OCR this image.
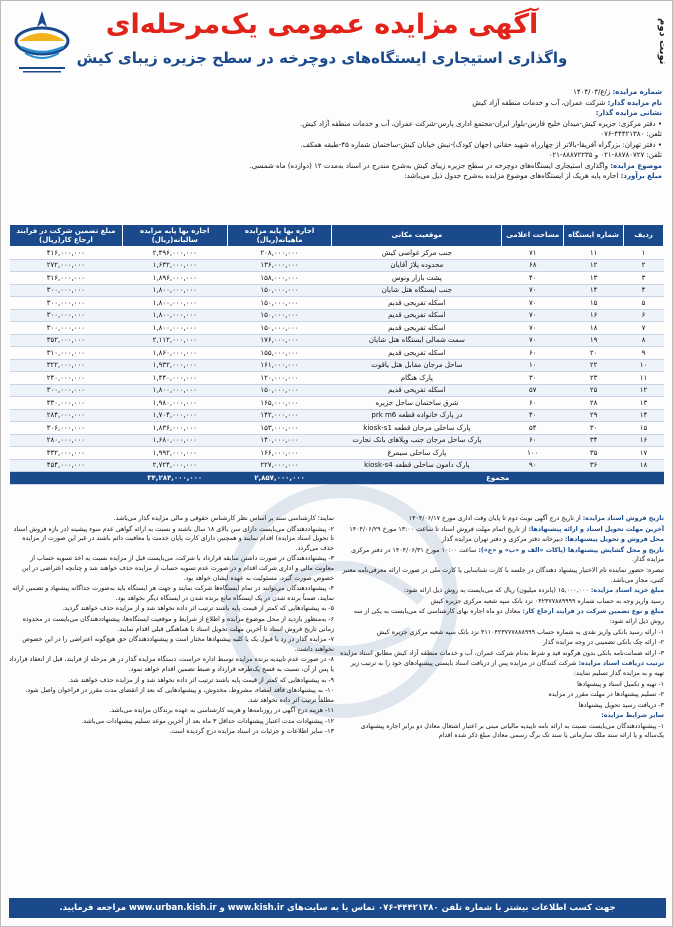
نوبت دوم
آگهی مزایده عمومی یک‌مرحله‌ای
واگذاری استیجاری ایستگاه‌های دوچرخه در سطح جزیره زیبای کیش
شماره مزایده: ز/ع/۱۴۰۴/۰۳
نام مزایده گذار: شرکت عمران، آب و خدمات منطقه آزاد کیش
نشانی مزایده گذار:
• دفتر مرکزی: جزیره کیش-میدان خلیج فارس-بلوار ایران-مجتمع اداری پارس-شرکت عمران، آب و خدمات منطقه آزاد کیش.
تلفن: ۴۴۴۲۱۳۸۰-۰۷۶
• دفتر تهران: بزرگراه آفریقا-بالاتر از چهارراه شهید حقانی (جهان کودک)-نبش خیابان کیش-ساختمان شماره ۴۵-طبقه همکف.
تلفن: ۸۸۷۸۰۷۲۷-۰۲۱ و ۸۸۸۷۲۲۳۵-۰۲۱
موضوع مزایده: واگذاری استیجاری ایستگاه‌های دوچرخه در سطح جزیره زیبای کیش به‌شرح مندرج در اسناد به‌مدت ۱۲ (دوازده) ماه شمسی.
مبلغ برآورد: اجاره پایه هریک از ایستگاه‌های موضوع مزایده به‌شرح جدول ذیل می‌باشد:
ردیف	شماره ایستگاه	مساحت اعلامی	موقعیت مکانی	اجاره بها پایه مزایده ماهیانه(ریال)	اجاره بها پایه مزایده سالیانه(ریال)	مبلغ تضمین شرکت در فرایند ارجاع کار(ریال)
۱	۱۱	۷۱	جنب مرکز غواصی کیش	۲۰۸,۰۰۰,۰۰۰	۲,۴۹۶,۰۰۰,۰۰۰	۴۱۶,۰۰۰,۰۰۰
۲	۱۲	۶۸	محدوده پلاژ آقایان	۱۳۶,۰۰۰,۰۰۰	۱,۶۳۲,۰۰۰,۰۰۰	۲۷۲,۰۰۰,۰۰۰
۳	۱۳	۴۰	پشت بازار ونوس	۱۵۸,۰۰۰,۰۰۰	۱,۸۹۶,۰۰۰,۰۰۰	۳۱۶,۰۰۰,۰۰۰
۴	۱۴	۷۰	جنب ایستگاه هتل شایان	۱۵۰,۰۰۰,۰۰۰	۱,۸۰۰,۰۰۰,۰۰۰	۳۰۰,۰۰۰,۰۰۰
۵	۱۵	۷۰	اسکله تفریحی قدیم	۱۵۰,۰۰۰,۰۰۰	۱,۸۰۰,۰۰۰,۰۰۰	۳۰۰,۰۰۰,۰۰۰
۶	۱۶	۷۰	اسکله تفریحی قدیم	۱۵۰,۰۰۰,۰۰۰	۱,۸۰۰,۰۰۰,۰۰۰	۳۰۰,۰۰۰,۰۰۰
۷	۱۸	۷۰	اسکله تفریحی قدیم	۱۵۰,۰۰۰,۰۰۰	۱,۸۰۰,۰۰۰,۰۰۰	۳۰۰,۰۰۰,۰۰۰
۸	۱۹	۷۰	سمت شمالی ایستگاه هتل شایان	۱۷۶,۰۰۰,۰۰۰	۲,۱۱۲,۰۰۰,۰۰۰	۳۵۲,۰۰۰,۰۰۰
۹	۲۰	۶۰	اسکله تفریحی قدیم	۱۵۵,۰۰۰,۰۰۰	۱,۸۶۰,۰۰۰,۰۰۰	۳۱۰,۰۰۰,۰۰۰
۱۰	۲۲	۱۰	ساحل مرجان مقابل هتل یاقوت	۱۶۱,۰۰۰,۰۰۰	۱,۹۳۲,۰۰۰,۰۰۰	۳۲۲,۰۰۰,۰۰۰
۱۱	۲۳	۳۰	پارک هنگام	۱۲۰,۰۰۰,۰۰۰	۱,۴۴۰,۰۰۰,۰۰۰	۲۴۰,۰۰۰,۰۰۰
۱۲	۲۵	۵۷	اسکله تفریحی قدیم	۱۵۰,۰۰۰,۰۰۰	۱,۸۰۰,۰۰۰,۰۰۰	۳۰۰,۰۰۰,۰۰۰
۱۳	۲۸	۶۰	شرق ساختمان ساحل جزیره	۱۶۵,۰۰۰,۰۰۰	۱,۹۸۰,۰۰۰,۰۰۰	۳۳۰,۰۰۰,۰۰۰
۱۴	۲۹	۴۰	در پارک خانواده قطعه prk m6	۱۴۲,۰۰۰,۰۰۰	۱,۷۰۴,۰۰۰,۰۰۰	۲۸۴,۰۰۰,۰۰۰
۱۵	۳۰	۵۴	پارک ساحلی مرجان قطعه kiosk-s1	۱۵۳,۰۰۰,۰۰۰	۱,۸۳۶,۰۰۰,۰۰۰	۳۰۶,۰۰۰,۰۰۰
۱۶	۳۴	۶۰	پارک ساحل مرجان جنب ویلاهای بانک تجارت	۱۴۰,۰۰۰,۰۰۰	۱,۶۸۰,۰۰۰,۰۰۰	۲۸۰,۰۰۰,۰۰۰
۱۷	۳۵	۱۰۰	پارک ساحلی سیمرغ	۱۶۶,۰۰۰,۰۰۰	۱,۹۹۲,۰۰۰,۰۰۰	۳۳۲,۰۰۰,۰۰۰
۱۸	۳۶	۹۰	پارک دامون ساحلی قطعه kiosk-s4	۲۲۷,۰۰۰,۰۰۰	۲,۷۲۴,۰۰۰,۰۰۰	۴۵۴,۰۰۰,۰۰۰
مجموع				۲,۸۵۷,۰۰۰,۰۰۰	۳۴,۲۸۴,۰۰۰,۰۰۰	

تاریخ فروش اسناد مزایده: از تاریخ درج آگهی نوبت دوم تا پایان وقت اداری مورخ ۱۴۰۴/۰۶/۱۷

آخرین مهلت تحویل اسناد و ارائه پیشنهادها: از تاریخ اتمام مهلت فروش اسناد تا ساعت ۱۳:۰۰ مورخ ۱۴۰۴/۰۶/۲۹

محل فروش و تحویل پیشنهادها: دبیرخانه دفتر مرکزی و دفتر تهران مزایده گذار

تاریخ و محل گشایش پیشنهادها (پاکات «الف و «ب» و «ج»): ساعت ۱۰:۰۰ مورخ ۱۴۰۴/۰۶/۳۱ در دفتر مرکزی مزایده گذار.

تبصره: حضور نماینده تام الاختیار پیشنهاد دهندگان در جلسه با کارت شناسایی یا کارت ملی در صورت ارائه معرفی‌نامه معتبر کتبی، مجاز می‌باشد.

مبلغ خرید اسناد مزایده: ۱۵,۰۰۰,۰۰۰ (پانزده میلیون) ریال که می‌بایست به روش ذیل ارائه شود:

رسید واریز وجه به حساب شماره ۰۴۲۳۷۷۸۸۹۹۹۹ نزد بانک سپه شعبه مرکزی جزیره کیش

مبلغ و نوع تضمین شرکت در فرایند ارجاع کار: معادل دو ماه اجاره بهای کارشناسی که می‌بایست به یکی از سه روش ذیل ارائه شود:

۱- ارائه رسید بانکی واریز نقدی به شماره حساب ۴۱۱۰۴۲۳۷۷۷۸۸۸۹۹۹ نزد بانک سپه شعبه مرکزی جزیره کیش

۲- ارائه چک بانکی تضمینی در وجه مزایده گذار

۳- ارائه ضمانت‌نامه بانکی بدون هرگونه قید و شرط به‌نام شرکت عمران، آب و خدمات منطقه آزاد کیش مطابق اسناد مزایده

ترتیب دریافت اسناد مزایده: شرکت کنندگان در مزایده پس از دریافت اسناد بایستی پیشنهادهای خود را به ترتیب زیر تهیه و به مزایده گذار تسلیم نمایند:

۱- تهیه و تکمیل اسناد و پیشنهادها

۲- تسلیم پیشنهادها در مهلت مقرر در مزایده

۳- دریافت رسید تحویل پیشنهادها

سایر شرایط مزایده:

۱- پیشنهاددهندگان می‌بایست نسبت به ارائه نامه تاییدیه مالیاتی مبنی بر اعتبار اشتغال معادل دو برابر اجاره پیشنهادی یک‌ساله و یا ارائه سند ملک سازمانی یا سند تک برگ رسمی معادل مبلغ ذکر شده اقدام

نمایند؛ کارشناسی سند بر اساس نظر کارشناس حقوقی و مالی مزایده گذار می‌باشد.

۲- پیشنهاددهندگان می‌بایست دارای سن بالای ۱۸ سال باشند و نسبت به ارائه گواهی عدم سوء پیشینه (در بازه فروش اسناد تا تحویل اسناد مزایده) اقدام نمایند و همچنین دارای کارت پایان خدمت یا معافیت دائم باشند در غیر این صورت از مزایده حذف می‌گردد.

۳- پیشنهاددهندگان در صورت داشتن سابقه قرارداد با شرکت، می‌بایست قبل از مزایده نسبت به اخذ تسویه حساب از معاونت مالی و اداری شرکت اقدام و در صورت عدم تسویه حساب از مزایده حذف خواهند شد و چنانچه اعتراضی در این خصوص صورت گیرد، مسئولیت به عهده ایشان خواهد بود.

۴- پیشنهاددهندگان می‌توانند در تمام ایستگاه‌ها شرکت نمایند و جهت هر ایستگاه باید به‌صورت جداگانه پیشنهاد و تضمین ارائه نمایند، ضمناً برنده شدن در یک ایستگاه مانع برنده شدن در ایستگاه دیگر نخواهد بود.

۵- به پیشنهادهایی که کمتر از قیمت پایه باشند ترتیب اثر داده نخواهد شد و از مزایده حذف خواهند گردید.

۶- به‌منظور بازدید از محل موضوع مزایده و اطلاع از شرایط و موقعیت ایستگاه‌ها، پیشنهاددهندگان می‌بایست در محدوده زمانی تاریخ فروش اسناد تا آخرین مهلت تحویل اسناد با هماهنگی قبلی اقدام نمایند.

۷- مزایده گذار در رد یا قبول یک یا کلیه پیشنهادها مختار است و پیشنهاددهندگان حق هیچ‌گونه اعتراضی را در این خصوص نخواهند داشت.

۸- در صورت عدم تاییدیه برنده مزایده توسط اداره حراست، دستگاه مزایده گذار در هر مرحله از فرایند، قبل از انعقاد قرارداد یا پس از آن، نسبت به فسخ یک‌طرفه قرارداد و ضبط تضمین اقدام خواهد نمود.

۹- به پیشنهادهایی که کمتر از قیمت پایه باشند ترتیب اثر داده نخواهد شد و از مزایده حذف خواهند شد.

۱۰- به پیشنهادهای فاقد امضاء، مشروط، مخدوش، و پیشنهادهایی که بعد از انقضای مدت مقرر در فراخوان واصل شود، مطلقاً ترتیب اثر داده نخواهد شد.

۱۱- هزینه درج آگهی در روزنامه‌ها و هزینه کارشناسی به عهده برندگان مزایده می‌باشد.

۱۲- پیشنهادات مدت اعتبار پیشنهادات حداقل ۳ ماه بعد از آخرین موعد تسلیم پیشنهادات می‌باشد.

۱۳- سایر اطلاعات و جزئیات در اسناد مزایده درج گردیده است.

جهت کسب اطلاعات بیشتر با شماره تلفن ۴۴۴۲۱۳۸۰-۰۷۶ تماس یا به سایت‌های www.kish.ir و www.urban.kish.ir مراجعه فرمایید.
